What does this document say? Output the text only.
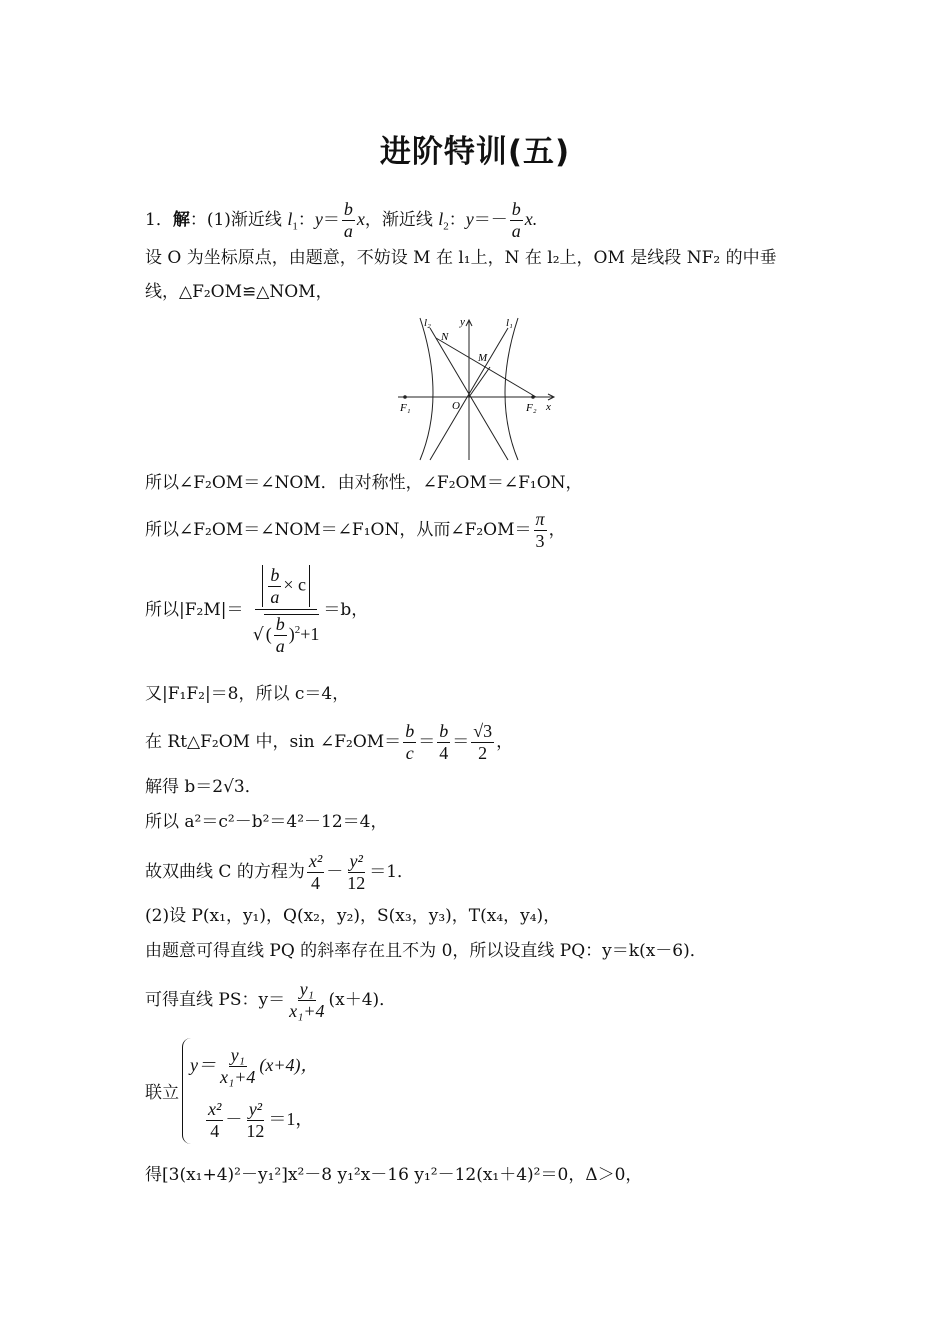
进阶特训(五)
1．解：(1)渐近线 $l_1$：$y= \frac{b}{a}$ x，渐近线 $l_2$：$y=- \frac{b}{a} x$.
设 O 为坐标原点，由题意，不妨设 M 在 l₁上，N 在 l₂上，OM 是线段 NF₂ 的中垂
线，△F₂OM≌△NOM，
l₂	y	l₁
N
M
F₁	O	F₂ x
所以∠F₂OM＝∠NOM．由对称性，∠F₂OM＝∠F₁ON，
所以∠F₂OM＝∠NOM＝∠F₁ON，从而∠F₂OM＝ $\frac{\pi}{3}$ ，
所以$|F_2M|= \frac{\frac{b}{a} \times c}{√ ( \frac{b}{a} )^2+1} =b$，
又|F₁F₂|＝8，所以 c＝4，
在 Rt△F₂OM 中，sin ∠F₂OM＝ $\frac{b}{c} = \frac{b}{4} = \frac{√3}{2}$ ，
解得 b＝2√3．
所以 a²＝c²－b²＝4²－12＝4，
故双曲线 C 的方程为 $\frac{\text{x²}}{4} - \frac{\text{y²}}{12} =1$．
(2)设 P(x₁，y₁)，Q(x₂，y₂)，S(x₃，y₃)，T(x₄，y₄)，
由题意可得直线 PQ 的斜率存在且不为 0，所以设直线 PQ：y＝k(x－6)．
可得直线 PS：$y= \frac{\text{y₁}}{\text{x₁+4}} (x+4)$．
联立
$y= \frac{\text{y₁}}{\text{x₁+4}} (x+4)$，
$\frac{\text{x²}}{4} - \frac{\text{y²}}{12} =1$，
得[3(x₁+4)²－y₁²]x²－8 y₁²x－16 y₁²－12(x₁＋4)²＝0，Δ＞0，
